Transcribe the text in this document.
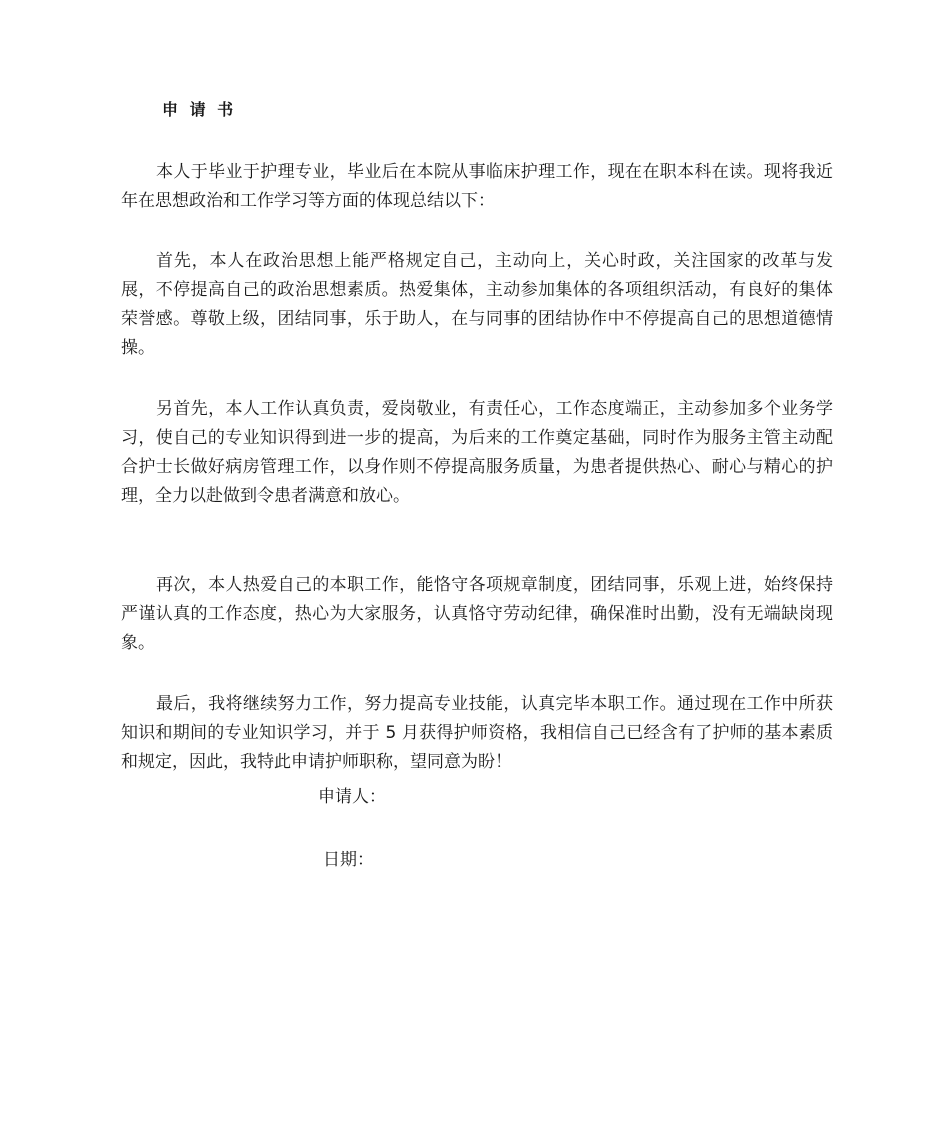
申 请 书

本人于毕业于护理专业，毕业后在本院从事临床护理工作，现在在职本科在读。现将我近年在思想政治和工作学习等方面的体现总结以下：

首先，本人在政治思想上能严格规定自己，主动向上，关心时政，关注国家的改革与发展，不停提高自己的政治思想素质。热爱集体，主动参加集体的各项组织活动，有良好的集体荣誉感。尊敬上级，团结同事，乐于助人，在与同事的团结协作中不停提高自己的思想道德情操。

另首先，本人工作认真负责，爱岗敬业，有责任心，工作态度端正，主动参加多个业务学习，使自己的专业知识得到进一步的提高，为后来的工作奠定基础，同时作为服务主管主动配合护士长做好病房管理工作，以身作则不停提高服务质量，为患者提供热心、耐心与精心的护理，全力以赴做到令患者满意和放心。

再次，本人热爱自己的本职工作，能恪守各项规章制度，团结同事，乐观上进，始终保持严谨认真的工作态度，热心为大家服务，认真恪守劳动纪律，确保准时出勤，没有无端缺岗现象。

最后，我将继续努力工作，努力提高专业技能，认真完毕本职工作。通过现在工作中所获知识和期间的专业知识学习，并于 5 月获得护师资格，我相信自己已经含有了护师的基本素质和规定，因此，我特此申请护师职称，望同意为盼！

申请人：

日期：
